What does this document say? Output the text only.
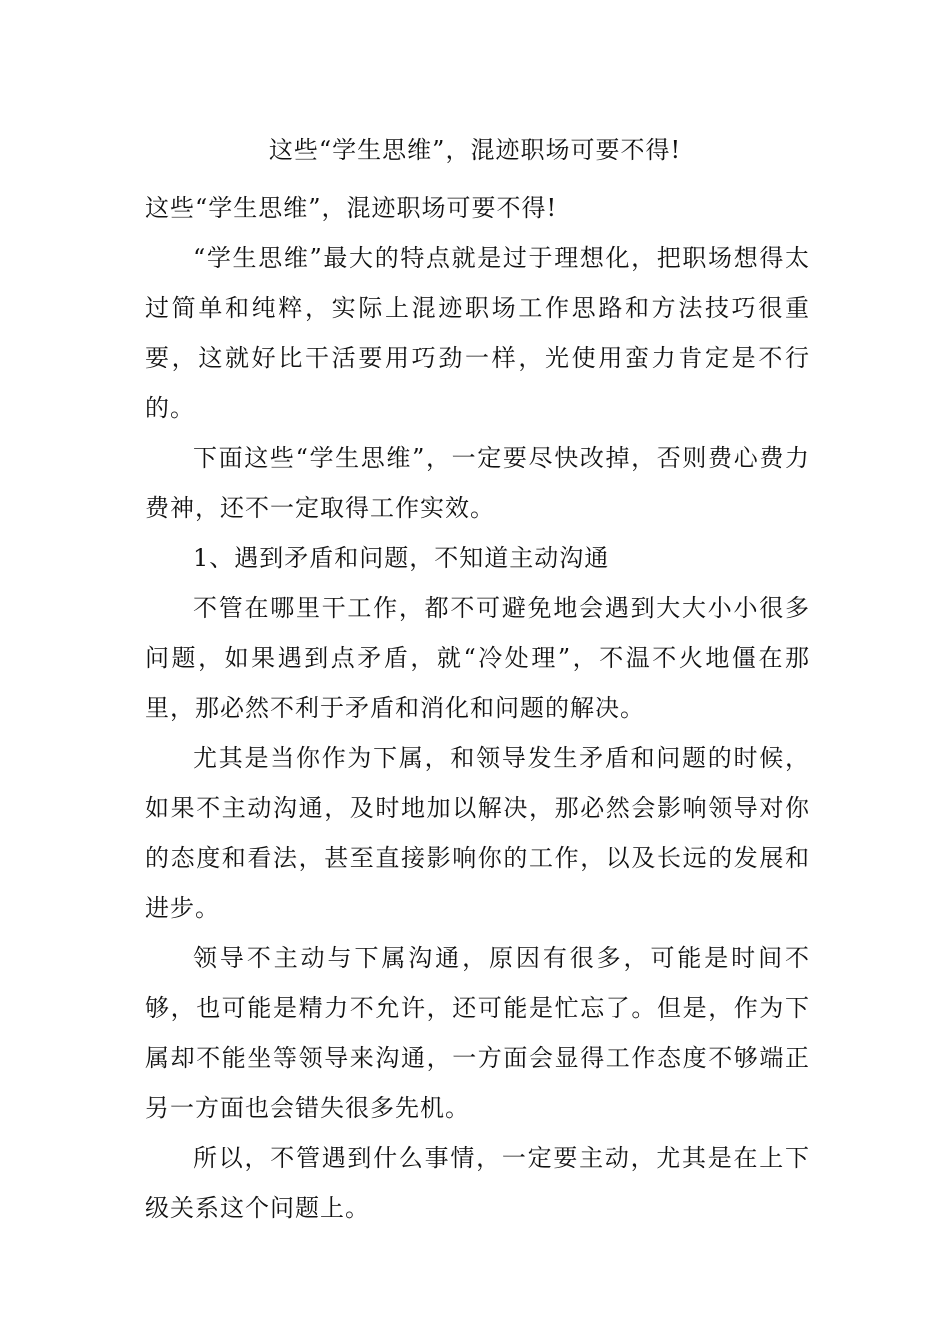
这些“学生思维”，混迹职场可要不得!

这些“学生思维”，混迹职场可要不得!

“学生思维”最大的特点就是过于理想化，把职场想得太过简单和纯粹，实际上混迹职场工作思路和方法技巧很重要，这就好比干活要用巧劲一样，光使用蛮力肯定是不行的。

下面这些“学生思维”，一定要尽快改掉，否则费心费力费神，还不一定取得工作实效。

1、遇到矛盾和问题，不知道主动沟通

不管在哪里干工作，都不可避免地会遇到大大小小很多问题，如果遇到点矛盾，就“冷处理”，不温不火地僵在那里，那必然不利于矛盾和消化和问题的解决。

尤其是当你作为下属，和领导发生矛盾和问题的时候，如果不主动沟通，及时地加以解决，那必然会影响领导对你的态度和看法，甚至直接影响你的工作，以及长远的发展和进步。

领导不主动与下属沟通，原因有很多，可能是时间不够，也可能是精力不允许，还可能是忙忘了。但是，作为下属却不能坐等领导来沟通，一方面会显得工作态度不够端正另一方面也会错失很多先机。

所以，不管遇到什么事情，一定要主动，尤其是在上下级关系这个问题上。
